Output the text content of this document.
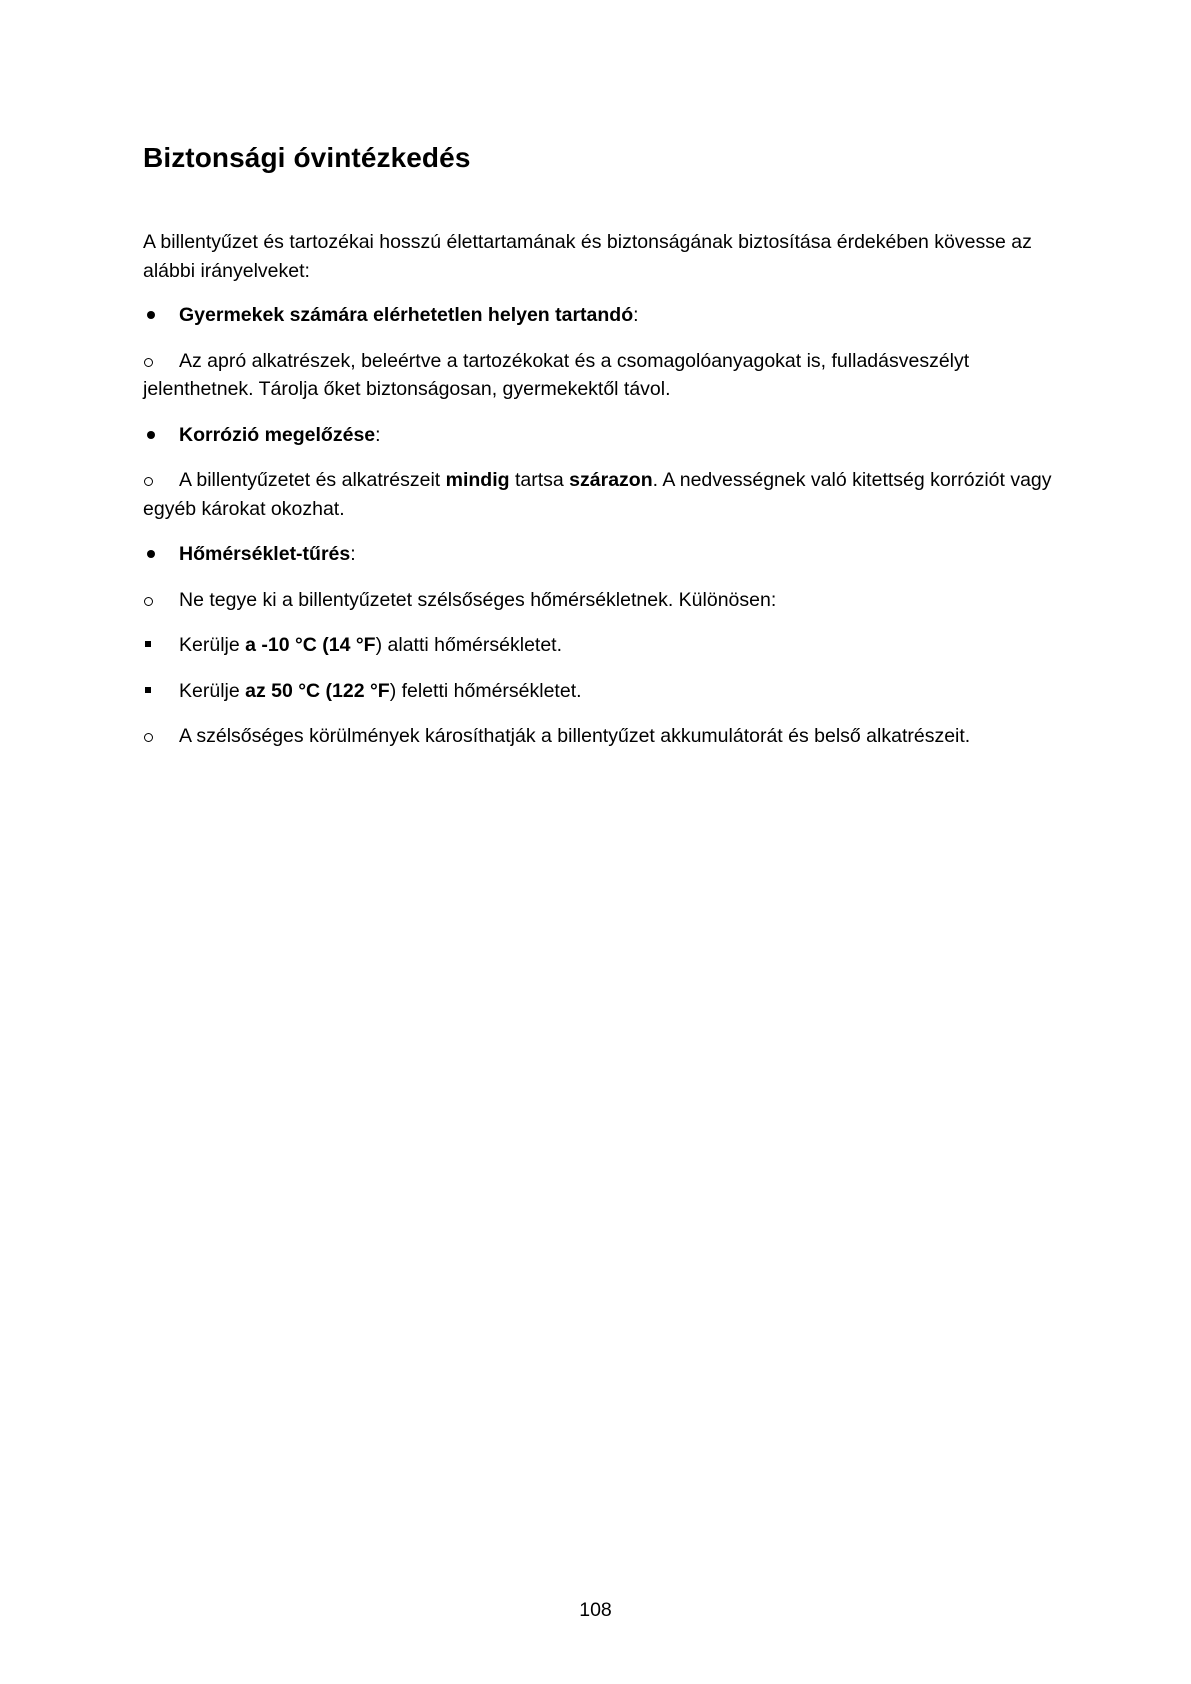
Biztonsági óvintézkedés

A billentyűzet és tartozékai hosszú élettartamának és biztonságának biztosítása érdekében kövesse az alábbi irányelveket:

Gyermekek számára elérhetetlen helyen tartandó:

Az apró alkatrészek, beleértve a tartozékokat és a csomagolóanyagokat is, fulladásveszélyt jelenthetnek. Tárolja őket biztonságosan, gyermekektől távol.

Korrózió megelőzése:

A billentyűzetet és alkatrészeit mindig tartsa szárazon. A nedvességnek való kitettség korróziót vagy egyéb károkat okozhat.

Hőmérséklet-tűrés:

Ne tegye ki a billentyűzetet szélsőséges hőmérsékletnek. Különösen:

Kerülje a -10 °C (14 °F) alatti hőmérsékletet.

Kerülje az 50 °C (122 °F) feletti hőmérsékletet.

A szélsőséges körülmények károsíthatják a billentyűzet akkumulátorát és belső alkatrészeit.

108
